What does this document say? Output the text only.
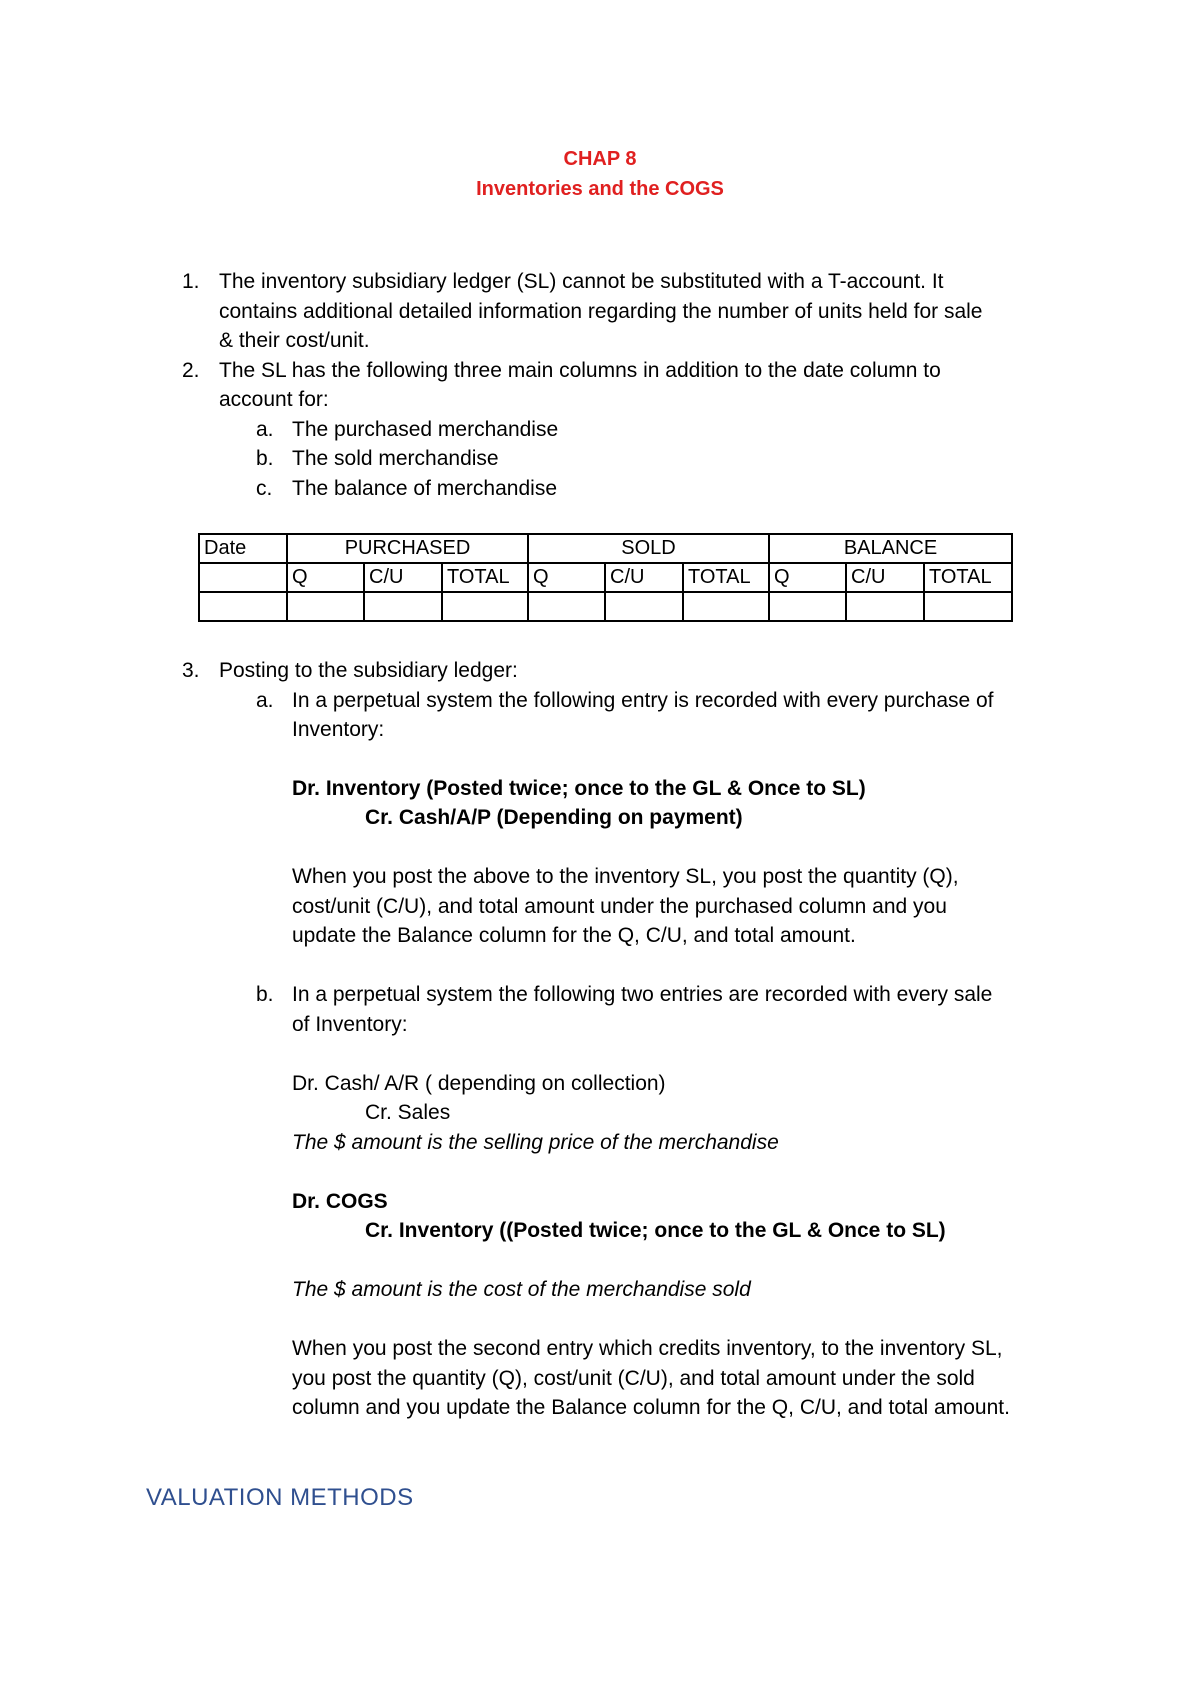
CHAP 8
Inventories and the COGS
1. The inventory subsidiary ledger (SL) cannot be substituted with a T-account. It
contains additional detailed information regarding the number of units held for sale
& their cost/unit.
2. The SL has the following three main columns in addition to the date column to
account for:
a. The purchased merchandise
b. The sold merchandise
c. The balance of merchandise
Date	PURCHASED			SOLD			BALANCE		
	Q	C/U	TOTAL	Q	C/U	TOTAL	Q	C/U	TOTAL

3. Posting to the subsidiary ledger:
a. In a perpetual system the following entry is recorded with every purchase of
Inventory:
Dr. Inventory (Posted twice; once to the GL & Once to SL)
Cr. Cash/A/P (Depending on payment)
When you post the above to the inventory SL, you post the quantity (Q),
cost/unit (C/U), and total amount under the purchased column and you
update the Balance column for the Q, C/U, and total amount.
b. In a perpetual system the following two entries are recorded with every sale
of Inventory:
Dr. Cash/ A/R ( depending on collection)
Cr. Sales
The $ amount is the selling price of the merchandise
Dr. COGS
Cr. Inventory ((Posted twice; once to the GL & Once to SL)
The $ amount is the cost of the merchandise sold
When you post the second entry which credits inventory, to the inventory SL,
you post the quantity (Q), cost/unit (C/U), and total amount under the sold
column and you update the Balance column for the Q, C/U, and total amount.
VALUATION METHODS
